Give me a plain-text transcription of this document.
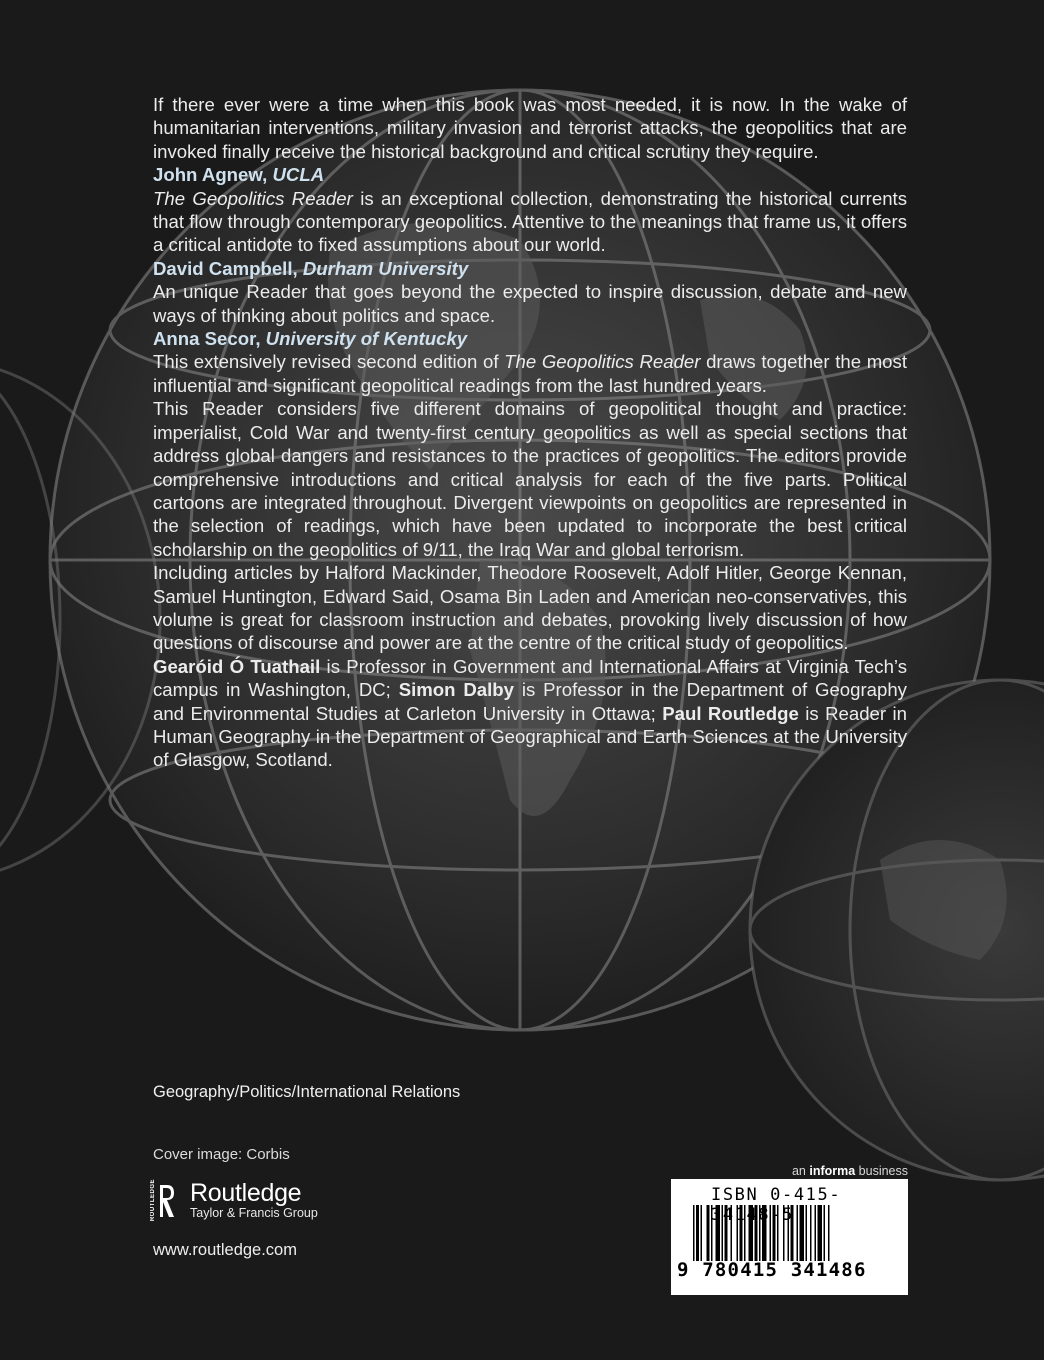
If there ever were a time when this book was most needed, it is now. In the wake of humanitarian interventions, military invasion and terrorist attacks, the geopolitics that are invoked finally receive the historical background and critical scrutiny they require.

John Agnew, UCLA

The Geopolitics Reader is an exceptional collection, demonstrating the historical currents that flow through contemporary geopolitics. Attentive to the meanings that frame us, it offers a critical antidote to fixed assumptions about our world.

David Campbell, Durham University

An unique Reader that goes beyond the expected to inspire discussion, debate and new ways of thinking about politics and space.

Anna Secor, University of Kentucky

This extensively revised second edition of The Geopolitics Reader draws together the most influential and significant geopolitical readings from the last hundred years.

This Reader considers five different domains of geopolitical thought and practice: imperialist, Cold War and twenty-first century geopolitics as well as special sections that address global dangers and resistances to the practices of geopolitics. The editors provide comprehensive introductions and critical analysis for each of the five parts. Political cartoons are integrated throughout. Divergent viewpoints on geopolitics are represented in the selection of readings, which have been updated to incorporate the best critical scholarship on the geopolitics of 9/11, the Iraq War and global terrorism.

Including articles by Halford Mackinder, Theodore Roosevelt, Adolf Hitler, George Kennan, Samuel Huntington, Edward Said, Osama Bin Laden and American neo-conservatives, this volume is great for classroom instruction and debates, provoking lively discussion of how questions of discourse and power are at the centre of the critical study of geopolitics.

Gearóid Ó Tuathail is Professor in Government and International Affairs at Virginia Tech’s campus in Washington, DC; Simon Dalby is Professor in the Department of Geography and Environmental Studies at Carleton University in Ottawa; Paul Routledge is Reader in Human Geography in the Department of Geographical and Earth Sciences at the University of Glasgow, Scotland.

Geography/Politics/International Relations
Cover image: Corbis
ROUTLEDGE Routledge
Taylor & Francis Group
www.routledge.com
an informa business
ISBN 0-415-34148-5
9 780415 341486
